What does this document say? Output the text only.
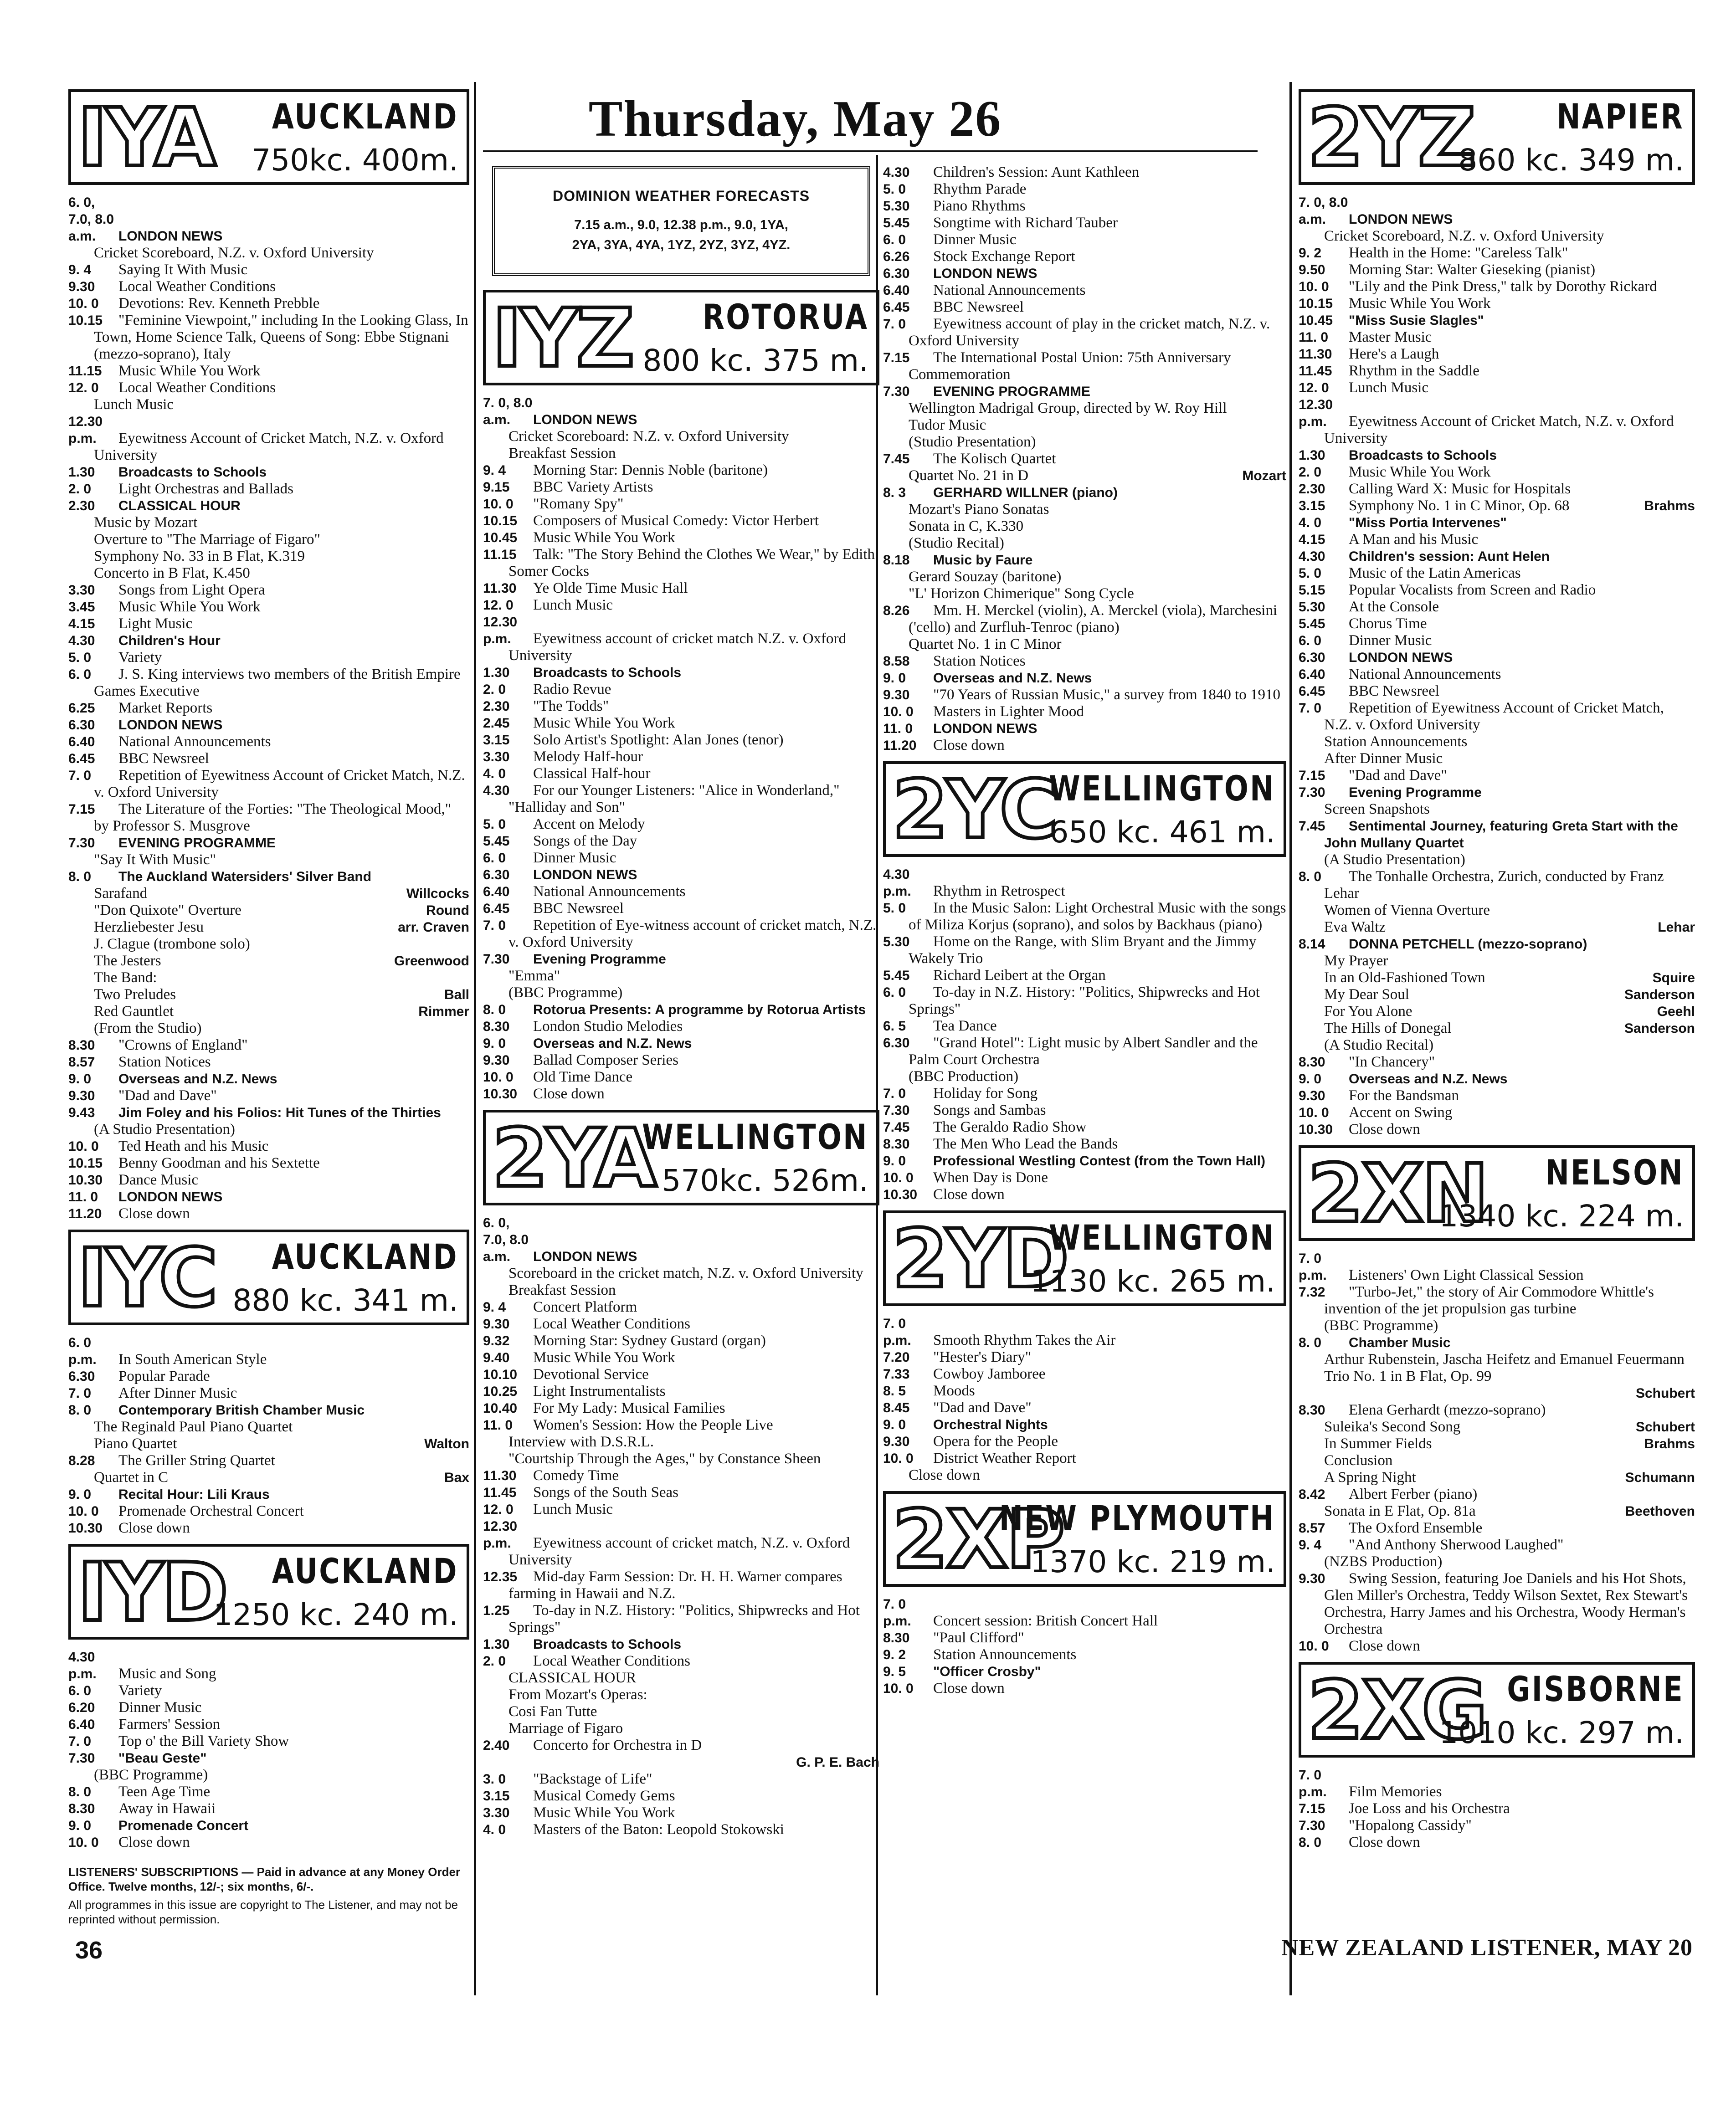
Thursday, May 26
IYA AUCKLAND
750kc. 400m.
6. 0, 7.0, 8.0 a.m. LONDON NEWS
Cricket Scoreboard, N.Z. v. Oxford University
9. 4 Saying It With Music
9.30 Local Weather Conditions
10. 0 Devotions: Rev. Kenneth Prebble
10.15 "Feminine Viewpoint," including In the Looking Glass, In Town, Home Science Talk, Queens of Song: Ebbe Stignani (mezzo-soprano), Italy
11.15 Music While You Work
12. 0 Local Weather Conditions
Lunch Music
12.30 p.m. Eyewitness Account of Cricket Match, N.Z. v. Oxford University
1.30 Broadcasts to Schools
2. 0 Light Orchestras and Ballads
2.30 CLASSICAL HOUR
Music by Mozart
Overture to "The Marriage of Figaro"
Symphony No. 33 in B Flat, K.319
Concerto in B Flat, K.450
3.30 Songs from Light Opera
3.45 Music While You Work
4.15 Light Music
4.30 Children's Hour
5. 0 Variety
6. 0 J. S. King interviews two members of the British Empire Games Executive
6.25 Market Reports
6.30 LONDON NEWS
6.40 National Announcements
6.45 BBC Newsreel
7. 0 Repetition of Eyewitness Account of Cricket Match, N.Z. v. Oxford University
7.15 The Literature of the Forties: "The Theological Mood," by Professor S. Musgrove
7.30 EVENING PROGRAMME
"Say It With Music"
8. 0 The Auckland Watersiders' Silver Band
Willcocks
Sarafand
Round
"Don Quixote" Overture
arr. Craven
Herzliebester Jesu
J. Clague (trombone solo)
Greenwood
The Jesters
The Band:
Ball
Two Preludes
Rimmer
Red Gauntlet
(From the Studio)
8.30 "Crowns of England"
8.57 Station Notices
9. 0 Overseas and N.Z. News
9.30 "Dad and Dave"
9.43 Jim Foley and his Folios: Hit Tunes of the Thirties
(A Studio Presentation)
10. 0 Ted Heath and his Music
10.15 Benny Goodman and his Sextette
10.30 Dance Music
11. 0 LONDON NEWS
11.20 Close down
IYC AUCKLAND
880 kc. 341 m.
6. 0 p.m. In South American Style
6.30 Popular Parade
7. 0 After Dinner Music
8. 0 Contemporary British Chamber Music
The Reginald Paul Piano Quartet
Walton
Piano Quartet
8.28 The Griller String Quartet
Bax
Quartet in C
9. 0 Recital Hour: Lili Kraus
10. 0 Promenade Orchestral Concert
10.30 Close down
IYD AUCKLAND
1250 kc. 240 m.
4.30 p.m. Music and Song
6. 0 Variety
6.20 Dinner Music
6.40 Farmers' Session
7. 0 Top o' the Bill Variety Show
7.30 "Beau Geste"
(BBC Programme)
8. 0 Teen Age Time
8.30 Away in Hawaii
9. 0 Promenade Concert
10. 0 Close down
LISTENERS' SUBSCRIPTIONS — Paid in advance at any Money Order Office. Twelve months, 12/-; six months, 6/-.
All programmes in this issue are copyright to The Listener, and may not be reprinted without permission.
DOMINION WEATHER FORECASTS
7.15 a.m., 9.0, 12.38 p.m., 9.0, 1YA,
2YA, 3YA, 4YA, 1YZ, 2YZ, 3YZ, 4YZ.
IYZ ROTORUA
800 kc. 375 m.
7. 0, 8.0 a.m. LONDON NEWS
Cricket Scoreboard: N.Z. v. Oxford University
Breakfast Session
9. 4 Morning Star: Dennis Noble (baritone)
9.15 BBC Variety Artists
10. 0 "Romany Spy"
10.15 Composers of Musical Comedy: Victor Herbert
10.45 Music While You Work
11.15 Talk: "The Story Behind the Clothes We Wear," by Edith Somer Cocks
11.30 Ye Olde Time Music Hall
12. 0 Lunch Music
12.30 p.m. Eyewitness account of cricket match N.Z. v. Oxford University
1.30 Broadcasts to Schools
2. 0 Radio Revue
2.30 "The Todds"
2.45 Music While You Work
3.15 Solo Artist's Spotlight: Alan Jones (tenor)
3.30 Melody Half-hour
4. 0 Classical Half-hour
4.30 For our Younger Listeners: "Alice in Wonderland," "Halliday and Son"
5. 0 Accent on Melody
5.45 Songs of the Day
6. 0 Dinner Music
6.30 LONDON NEWS
6.40 National Announcements
6.45 BBC Newsreel
7. 0 Repetition of Eye-witness account of cricket match, N.Z. v. Oxford University
7.30 Evening Programme
"Emma"
(BBC Programme)
8. 0 Rotorua Presents: A programme by Rotorua Artists
8.30 London Studio Melodies
9. 0 Overseas and N.Z. News
9.30 Ballad Composer Series
10. 0 Old Time Dance
10.30 Close down
2YA
WELLINGTON
570kc. 526m.
6. 0, 7.0, 8.0 a.m. LONDON NEWS
Scoreboard in the cricket match, N.Z. v. Oxford University
Breakfast Session
9. 4 Concert Platform
9.30 Local Weather Conditions
9.32 Morning Star: Sydney Gustard (organ)
9.40 Music While You Work
10.10 Devotional Service
10.25 Light Instrumentalists
10.40 For My Lady: Musical Families
11. 0 Women's Session: How the People Live
Interview with D.S.R.L.
"Courtship Through the Ages," by Constance Sheen
11.30 Comedy Time
11.45 Songs of the South Seas
12. 0 Lunch Music
12.30 p.m. Eyewitness account of cricket match, N.Z. v. Oxford University
12.35 Mid-day Farm Session: Dr. H. H. Warner compares farming in Hawaii and N.Z.
1.25 To-day in N.Z. History: "Politics, Shipwrecks and Hot Springs"
1.30 Broadcasts to Schools
2. 0 Local Weather Conditions
CLASSICAL HOUR
From Mozart's Operas:
Cosi Fan Tutte
Marriage of Figaro
2.40 Concerto for Orchestra in D
G. P. E. Bach
3. 0 "Backstage of Life"
3.15 Musical Comedy Gems
3.30 Music While You Work
4. 0 Masters of the Baton: Leopold Stokowski
4.30 Children's Session: Aunt Kathleen
5. 0 Rhythm Parade
5.30 Piano Rhythms
5.45 Songtime with Richard Tauber
6. 0 Dinner Music
6.26 Stock Exchange Report
6.30 LONDON NEWS
6.40 National Announcements
6.45 BBC Newsreel
7. 0 Eyewitness account of play in the cricket match, N.Z. v. Oxford University
7.15 The International Postal Union: 75th Anniversary Commemoration
7.30 EVENING PROGRAMME
Wellington Madrigal Group, directed by W. Roy Hill
Tudor Music
(Studio Presentation)
7.45 The Kolisch Quartet
Mozart
Quartet No. 21 in D
8. 3 GERHARD WILLNER (piano)
Mozart's Piano Sonatas
Sonata in C, K.330
(Studio Recital)
8.18 Music by Faure
Gerard Souzay (baritone)
"L' Horizon Chimerique" Song Cycle
8.26 Mm. H. Merckel (violin), A. Merckel (viola), Marchesini ('cello) and Zurfluh-Tenroc (piano)
Quartet No. 1 in C Minor
8.58 Station Notices
9. 0 Overseas and N.Z. News
9.30 "70 Years of Russian Music," a survey from 1840 to 1910
10. 0 Masters in Lighter Mood
11. 0 LONDON NEWS
11.20 Close down
2YC
WELLINGTON
650 kc. 461 m.
4.30 p.m. Rhythm in Retrospect
5. 0 In the Music Salon: Light Orchestral Music with the songs of Miliza Korjus (soprano), and solos by Backhaus (piano)
5.30 Home on the Range, with Slim Bryant and the Jimmy Wakely Trio
5.45 Richard Leibert at the Organ
6. 0 To-day in N.Z. History: "Politics, Shipwrecks and Hot Springs"
6. 5 Tea Dance
6.30 "Grand Hotel": Light music by Albert Sandler and the Palm Court Orchestra
(BBC Production)
7. 0 Holiday for Song
7.30 Songs and Sambas
7.45 The Geraldo Radio Show
8.30 The Men Who Lead the Bands
9. 0 Professional Westling Contest (from the Town Hall)
10. 0 When Day is Done
10.30 Close down
2YD
WELLINGTON
1130 kc. 265 m.
7. 0 p.m. Smooth Rhythm Takes the Air
7.20 "Hester's Diary"
7.33 Cowboy Jamboree
8. 5 Moods
8.45 "Dad and Dave"
9. 0 Orchestral Nights
9.30 Opera for the People
10. 0 District Weather Report
Close down
2XP
NEW PLYMOUTH
1370 kc. 219 m.
7. 0 p.m. Concert session: British Concert Hall
8.30 "Paul Clifford"
9. 2 Station Announcements
9. 5 "Officer Crosby"
10. 0 Close down
2YZ NAPIER
860 kc. 349 m.
7. 0, 8.0 a.m. LONDON NEWS
Cricket Scoreboard, N.Z. v. Oxford University
9. 2 Health in the Home: "Careless Talk"
9.50 Morning Star: Walter Gieseking (pianist)
10. 0 "Lily and the Pink Dress," talk by Dorothy Rickard
10.15 Music While You Work
10.45 "Miss Susie Slagles"
11. 0 Master Music
11.30 Here's a Laugh
11.45 Rhythm in the Saddle
12. 0 Lunch Music
12.30 p.m. Eyewitness Account of Cricket Match, N.Z. v. Oxford University
1.30 Broadcasts to Schools
2. 0 Music While You Work
2.30 Calling Ward X: Music for Hospitals
Brahms
3.15 Symphony No. 1 in C Minor, Op. 68
4. 0 "Miss Portia Intervenes"
4.15 A Man and his Music
4.30 Children's session: Aunt Helen
5. 0 Music of the Latin Americas
5.15 Popular Vocalists from Screen and Radio
5.30 At the Console
5.45 Chorus Time
6. 0 Dinner Music
6.30 LONDON NEWS
6.40 National Announcements
6.45 BBC Newsreel
7. 0 Repetition of Eyewitness Account of Cricket Match, N.Z. v. Oxford University
Station Announcements
After Dinner Music
7.15 "Dad and Dave"
7.30 Evening Programme
Screen Snapshots
7.45 Sentimental Journey, featuring Greta Start with the John Mullany Quartet
(A Studio Presentation)
8. 0 The Tonhalle Orchestra, Zurich, conducted by Franz Lehar
Women of Vienna Overture
Lehar
Eva Waltz
8.14 DONNA PETCHELL (mezzo-soprano)
My Prayer
Squire
In an Old-Fashioned Town
Sanderson
My Dear Soul
Geehl
For You Alone
Sanderson
The Hills of Donegal
(A Studio Recital)
8.30 "In Chancery"
9. 0 Overseas and N.Z. News
9.30 For the Bandsman
10. 0 Accent on Swing
10.30 Close down
2XN NELSON
1340 kc. 224 m.
7. 0 p.m. Listeners' Own Light Classical Session
7.32 "Turbo-Jet," the story of Air Commodore Whittle's invention of the jet propulsion gas turbine
(BBC Programme)
8. 0 Chamber Music
Arthur Rubenstein, Jascha Heifetz and Emanuel Feuermann
Trio No. 1 in B Flat, Op. 99
Schubert
8.30 Elena Gerhardt (mezzo-soprano)
Schubert
Suleika's Second Song
Brahms
In Summer Fields
Conclusion
Schumann
A Spring Night
8.42 Albert Ferber (piano)
Beethoven
Sonata in E Flat, Op. 81a
8.57 The Oxford Ensemble
9. 4 "And Anthony Sherwood Laughed"
(NZBS Production)
9.30 Swing Session, featuring Joe Daniels and his Hot Shots, Glen Miller's Orchestra, Teddy Wilson Sextet, Rex Stewart's Orchestra, Harry James and his Orchestra, Woody Herman's Orchestra
10. 0 Close down
2XG GISBORNE
1010 kc. 297 m.
7. 0 p.m. Film Memories
7.15 Joe Loss and his Orchestra
7.30 "Hopalong Cassidy"
8. 0 Close down
36	NEW ZEALAND LISTENER, MAY 20
